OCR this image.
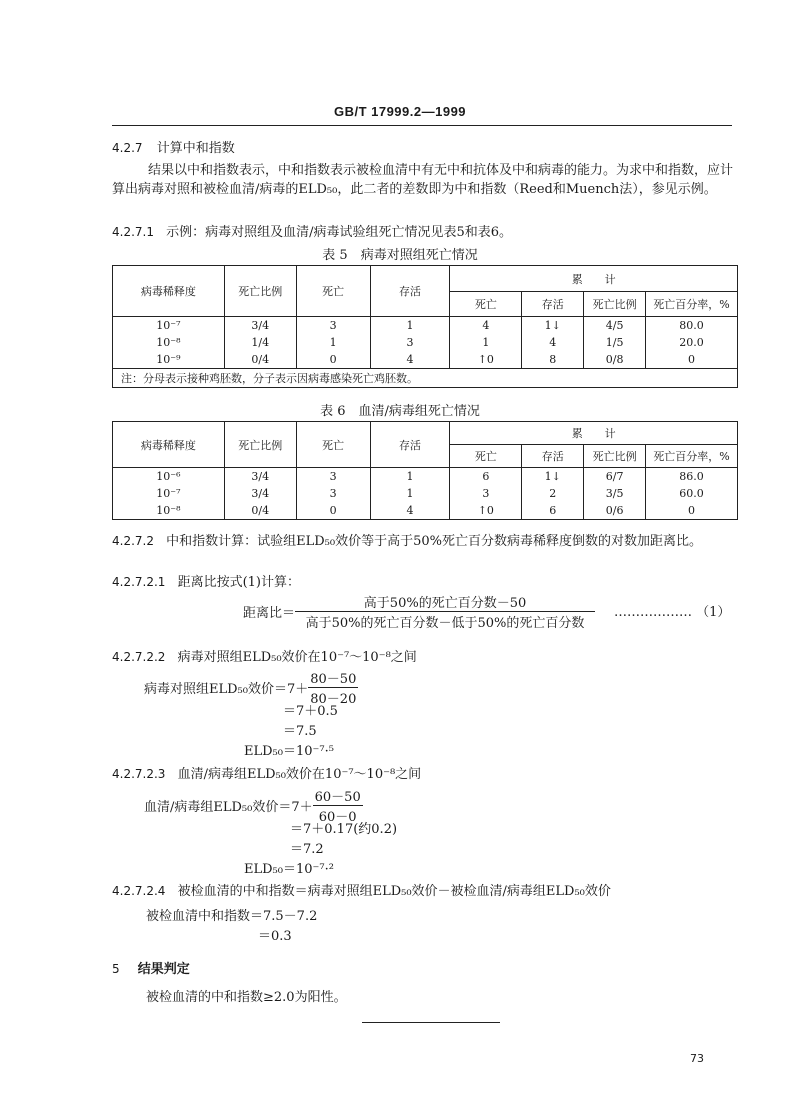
GB/T 17999.2—1999
4.2.7 计算中和指数
结果以中和指数表示，中和指数表示被检血清中有无中和抗体及中和病毒的能力。为求中和指数，应计算出病毒对照和被检血清/病毒的ELD₅₀，此二者的差数即为中和指数（Reed和Muench法），参见示例。
4.2.7.1 示例：病毒对照组及血清/病毒试验组死亡情况见表5和表6。
表 5　病毒对照组死亡情况
病毒稀释度	死亡比例	死亡	存活	累　　计			
				死亡	存活	死亡比例	死亡百分率，%
10⁻⁷	3/4	3	1	4	1↓	4/5	80.0
10⁻⁸	1/4	1	3	1	4	1/5	20.0
10⁻⁹	0/4	0	4	↑0	8	0/8	0
注：分母表示接种鸡胚数，分子表示因病毒感染死亡鸡胚数。							
表 6　血清/病毒组死亡情况
病毒稀释度	死亡比例	死亡	存活	累　　计			
				死亡	存活	死亡比例	死亡百分率，%
10⁻⁶	3/4	3	1	6	1↓	6/7	86.0
10⁻⁷	3/4	3	1	3	2	3/5	60.0
10⁻⁸	0/4	0	4	↑0	6	0/6	0
4.2.7.2 中和指数计算：试验组ELD₅₀效价等于高于50%死亡百分数病毒稀释度倒数的对数加距离比。
4.2.7.2.1 距离比按式(1)计算：
距离比＝ $\frac{\text{高于50\%的死亡百分数－50}}{\text{高于50\%的死亡百分数－低于50\%的死亡百分数}}$ ……………… （1）
4.2.7.2.2 病毒对照组ELD₅₀效价在10⁻⁷～10⁻⁸之间
病毒对照组ELD₅₀效价$=7+ \frac{80-50}{80-20}$
＝7＋0.5
＝7.5
ELD₅₀＝10⁻⁷·⁵
4.2.7.2.3 血清/病毒组ELD₅₀效价在10⁻⁷～10⁻⁸之间
血清/病毒组ELD₅₀效价$=7+ \frac{60-50}{60-0}$
＝7＋0.17(约0.2)
＝7.2
ELD₅₀＝10⁻⁷·²
4.2.7.2.4 被检血清的中和指数＝病毒对照组ELD₅₀效价－被检血清/病毒组ELD₅₀效价
被检血清中和指数＝7.5－7.2
＝0.3
5 结果判定
被检血清的中和指数≥2.0为阳性。
73
